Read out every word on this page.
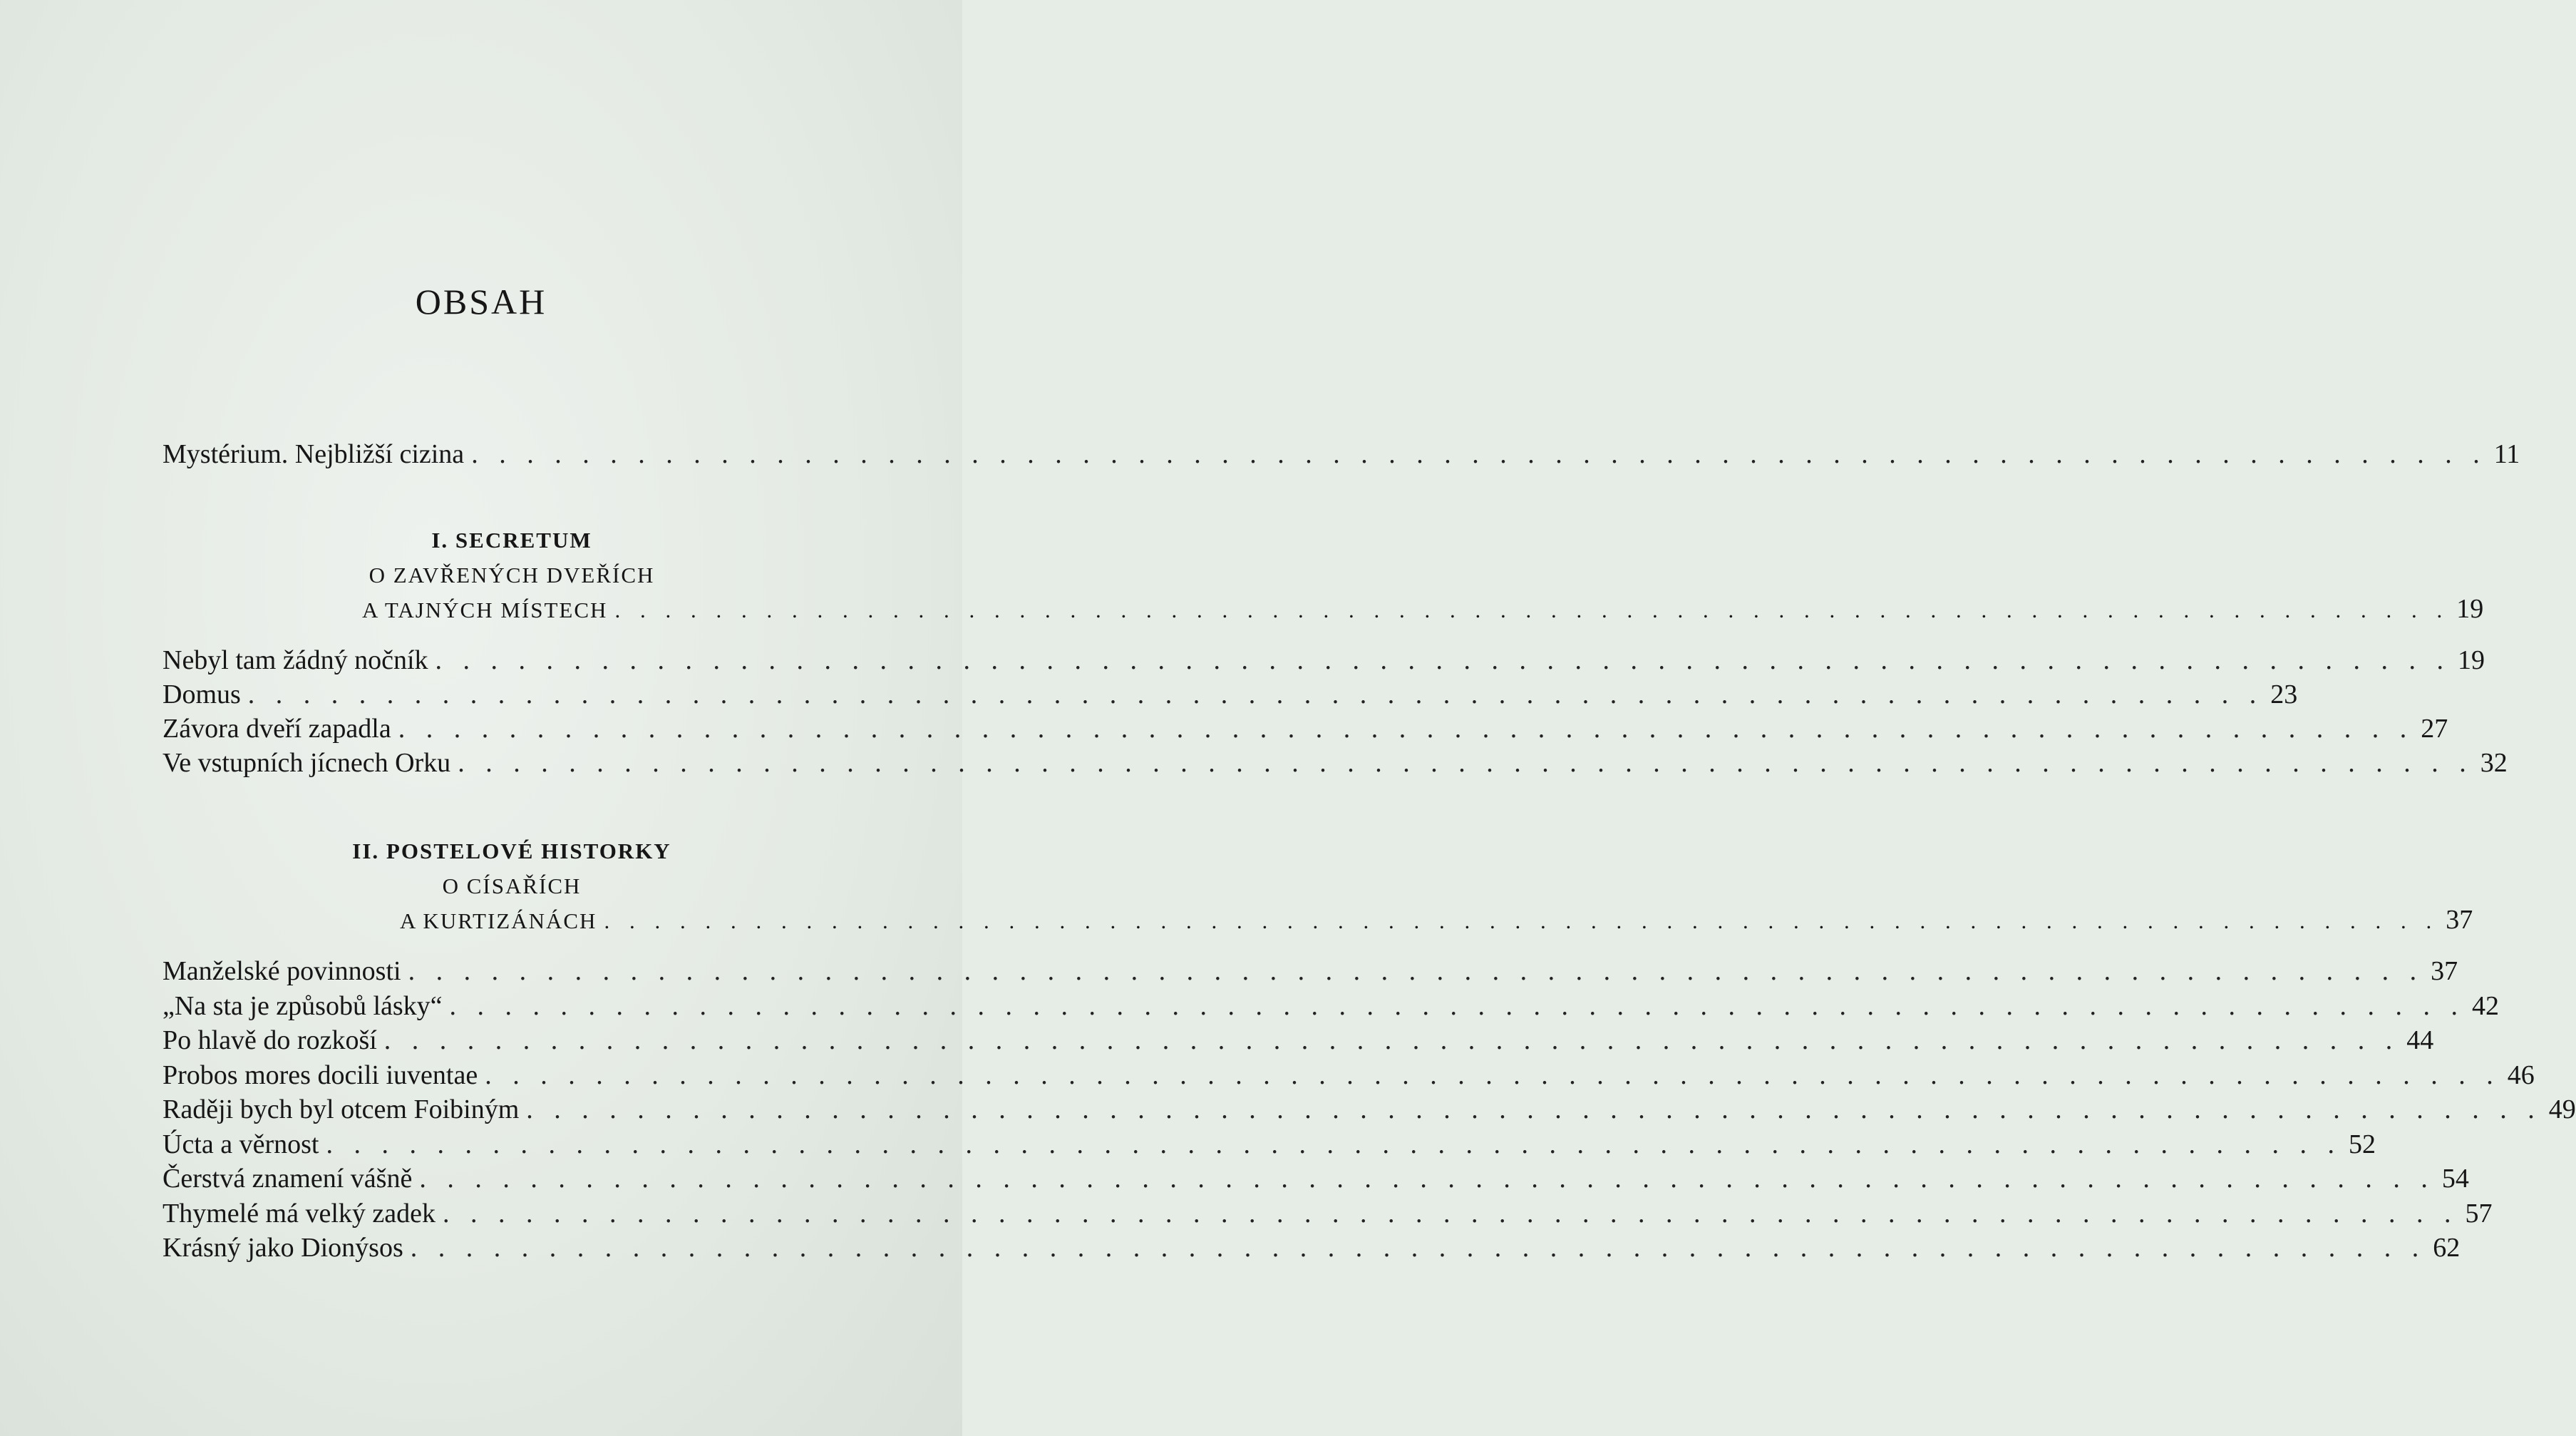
OBSAH
Mystérium. Nejbližší cizina . . . . . . . . . . . . . . . . . . . . . . . . . . . . . . . . . . . . . . . . . . . . . . . . . . . . . . . . . . . . . . . . . . . . . . . . . 11
I. SECRETUM
O ZAVŘENÝCH DVEŘÍCH
A TAJNÝCH MÍSTECH . . . . . . . . . . . . . . . . . . . . . . . . . . . . . . . . . . . . . . . . . . . . . . . . . . . . . . . . . . . . . . . . . . . . . . . . . 19
Nebyl tam žádný nočník . . . . . . . . . . . . . . . . . . . . . . . . . . . . . . . . . . . . . . . . . . . . . . . . . . . . . . . . . . . . . . . . . . . . . . . . . 19
Domus . . . . . . . . . . . . . . . . . . . . . . . . . . . . . . . . . . . . . . . . . . . . . . . . . . . . . . . . . . . . . . . . . . . . . . . . . 23
Závora dveří zapadla . . . . . . . . . . . . . . . . . . . . . . . . . . . . . . . . . . . . . . . . . . . . . . . . . . . . . . . . . . . . . . . . . . . . . . . . . 27
Ve vstupních jícnech Orku . . . . . . . . . . . . . . . . . . . . . . . . . . . . . . . . . . . . . . . . . . . . . . . . . . . . . . . . . . . . . . . . . . . . . . . . . 32
II. POSTELOVÉ HISTORKY
O CÍSAŘÍCH
A KURTIZÁNÁCH . . . . . . . . . . . . . . . . . . . . . . . . . . . . . . . . . . . . . . . . . . . . . . . . . . . . . . . . . . . . . . . . . . . . . . . . . 37
Manželské povinnosti . . . . . . . . . . . . . . . . . . . . . . . . . . . . . . . . . . . . . . . . . . . . . . . . . . . . . . . . . . . . . . . . . . . . . . . . . 37
„Na sta je způsobů lásky“ . . . . . . . . . . . . . . . . . . . . . . . . . . . . . . . . . . . . . . . . . . . . . . . . . . . . . . . . . . . . . . . . . . . . . . . . . 42
Po hlavě do rozkoší . . . . . . . . . . . . . . . . . . . . . . . . . . . . . . . . . . . . . . . . . . . . . . . . . . . . . . . . . . . . . . . . . . . . . . . . . 44
Probos mores docili iuventae . . . . . . . . . . . . . . . . . . . . . . . . . . . . . . . . . . . . . . . . . . . . . . . . . . . . . . . . . . . . . . . . . . . . . . . . . 46
Raději bych byl otcem Foibiným . . . . . . . . . . . . . . . . . . . . . . . . . . . . . . . . . . . . . . . . . . . . . . . . . . . . . . . . . . . . . . . . . . . . . . . . . 49
Úcta a věrnost . . . . . . . . . . . . . . . . . . . . . . . . . . . . . . . . . . . . . . . . . . . . . . . . . . . . . . . . . . . . . . . . . . . . . . . . . 52
Čerstvá znamení vášně . . . . . . . . . . . . . . . . . . . . . . . . . . . . . . . . . . . . . . . . . . . . . . . . . . . . . . . . . . . . . . . . . . . . . . . . . 54
Thymelé má velký zadek . . . . . . . . . . . . . . . . . . . . . . . . . . . . . . . . . . . . . . . . . . . . . . . . . . . . . . . . . . . . . . . . . . . . . . . . . 57
Krásný jako Dionýsos . . . . . . . . . . . . . . . . . . . . . . . . . . . . . . . . . . . . . . . . . . . . . . . . . . . . . . . . . . . . . . . . . . . . . . . . . 62
